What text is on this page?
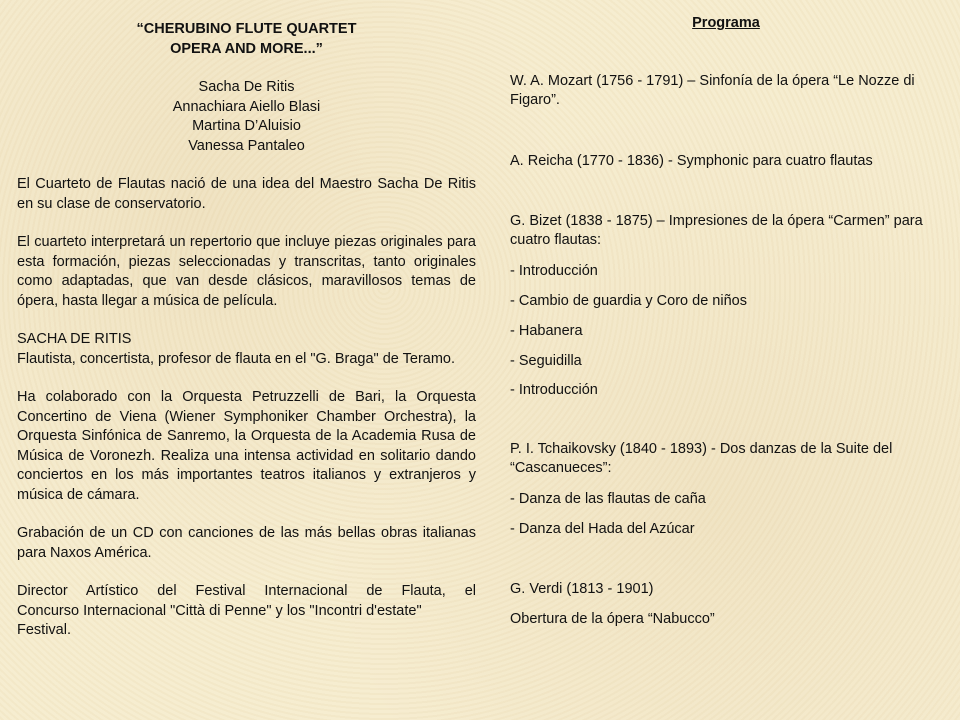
“CHERUBINO FLUTE QUARTET

OPERA AND MORE...”

Sacha De Ritis

Annachiara Aiello Blasi

Martina D’Aluisio

Vanessa Pantaleo

El Cuarteto de Flautas nació de una idea del Maestro Sacha De Ritis en su clase de conservatorio.

El cuarteto interpretará un repertorio que incluye piezas originales para esta formación, piezas seleccionadas y transcritas, tanto originales como adaptadas, que van desde clásicos, maravillosos temas de ópera, hasta llegar a música de película.

SACHA DE RITIS

Flautista, concertista, profesor de flauta en el "G. Braga" de Teramo.

Ha colaborado con la Orquesta Petruzzelli de Bari, la Orquesta Concertino de Viena (Wiener Symphoniker Chamber Orchestra), la Orquesta Sinfónica de Sanremo, la Orquesta de la Academia Rusa de Música de Voronezh. Realiza una intensa actividad en solitario dando conciertos en los más importantes teatros italianos y extranjeros y música de cámara.

Grabación de un CD con canciones de las más bellas obras italianas para Naxos América.

Director Artístico del Festival Internacional de Flauta, el

Concurso Internacional "Città di Penne" y los "Incontri d'estate"

Festival.

Programa

W. A. Mozart (1756 - 1791) – Sinfonía de la ópera “Le Nozze di Figaro”.

A. Reicha (1770 - 1836) - Symphonic para cuatro flautas

G. Bizet (1838 - 1875) – Impresiones de la ópera “Carmen” para cuatro flautas:

- Introducción

- Cambio de guardia y Coro de niños

- Habanera

- Seguidilla

- Introducción

P. I. Tchaikovsky (1840 - 1893) - Dos danzas de la Suite del “Cascanueces”:

- Danza de las flautas de caña

- Danza del Hada del Azúcar

G. Verdi (1813 - 1901)

Obertura de la ópera “Nabucco”
